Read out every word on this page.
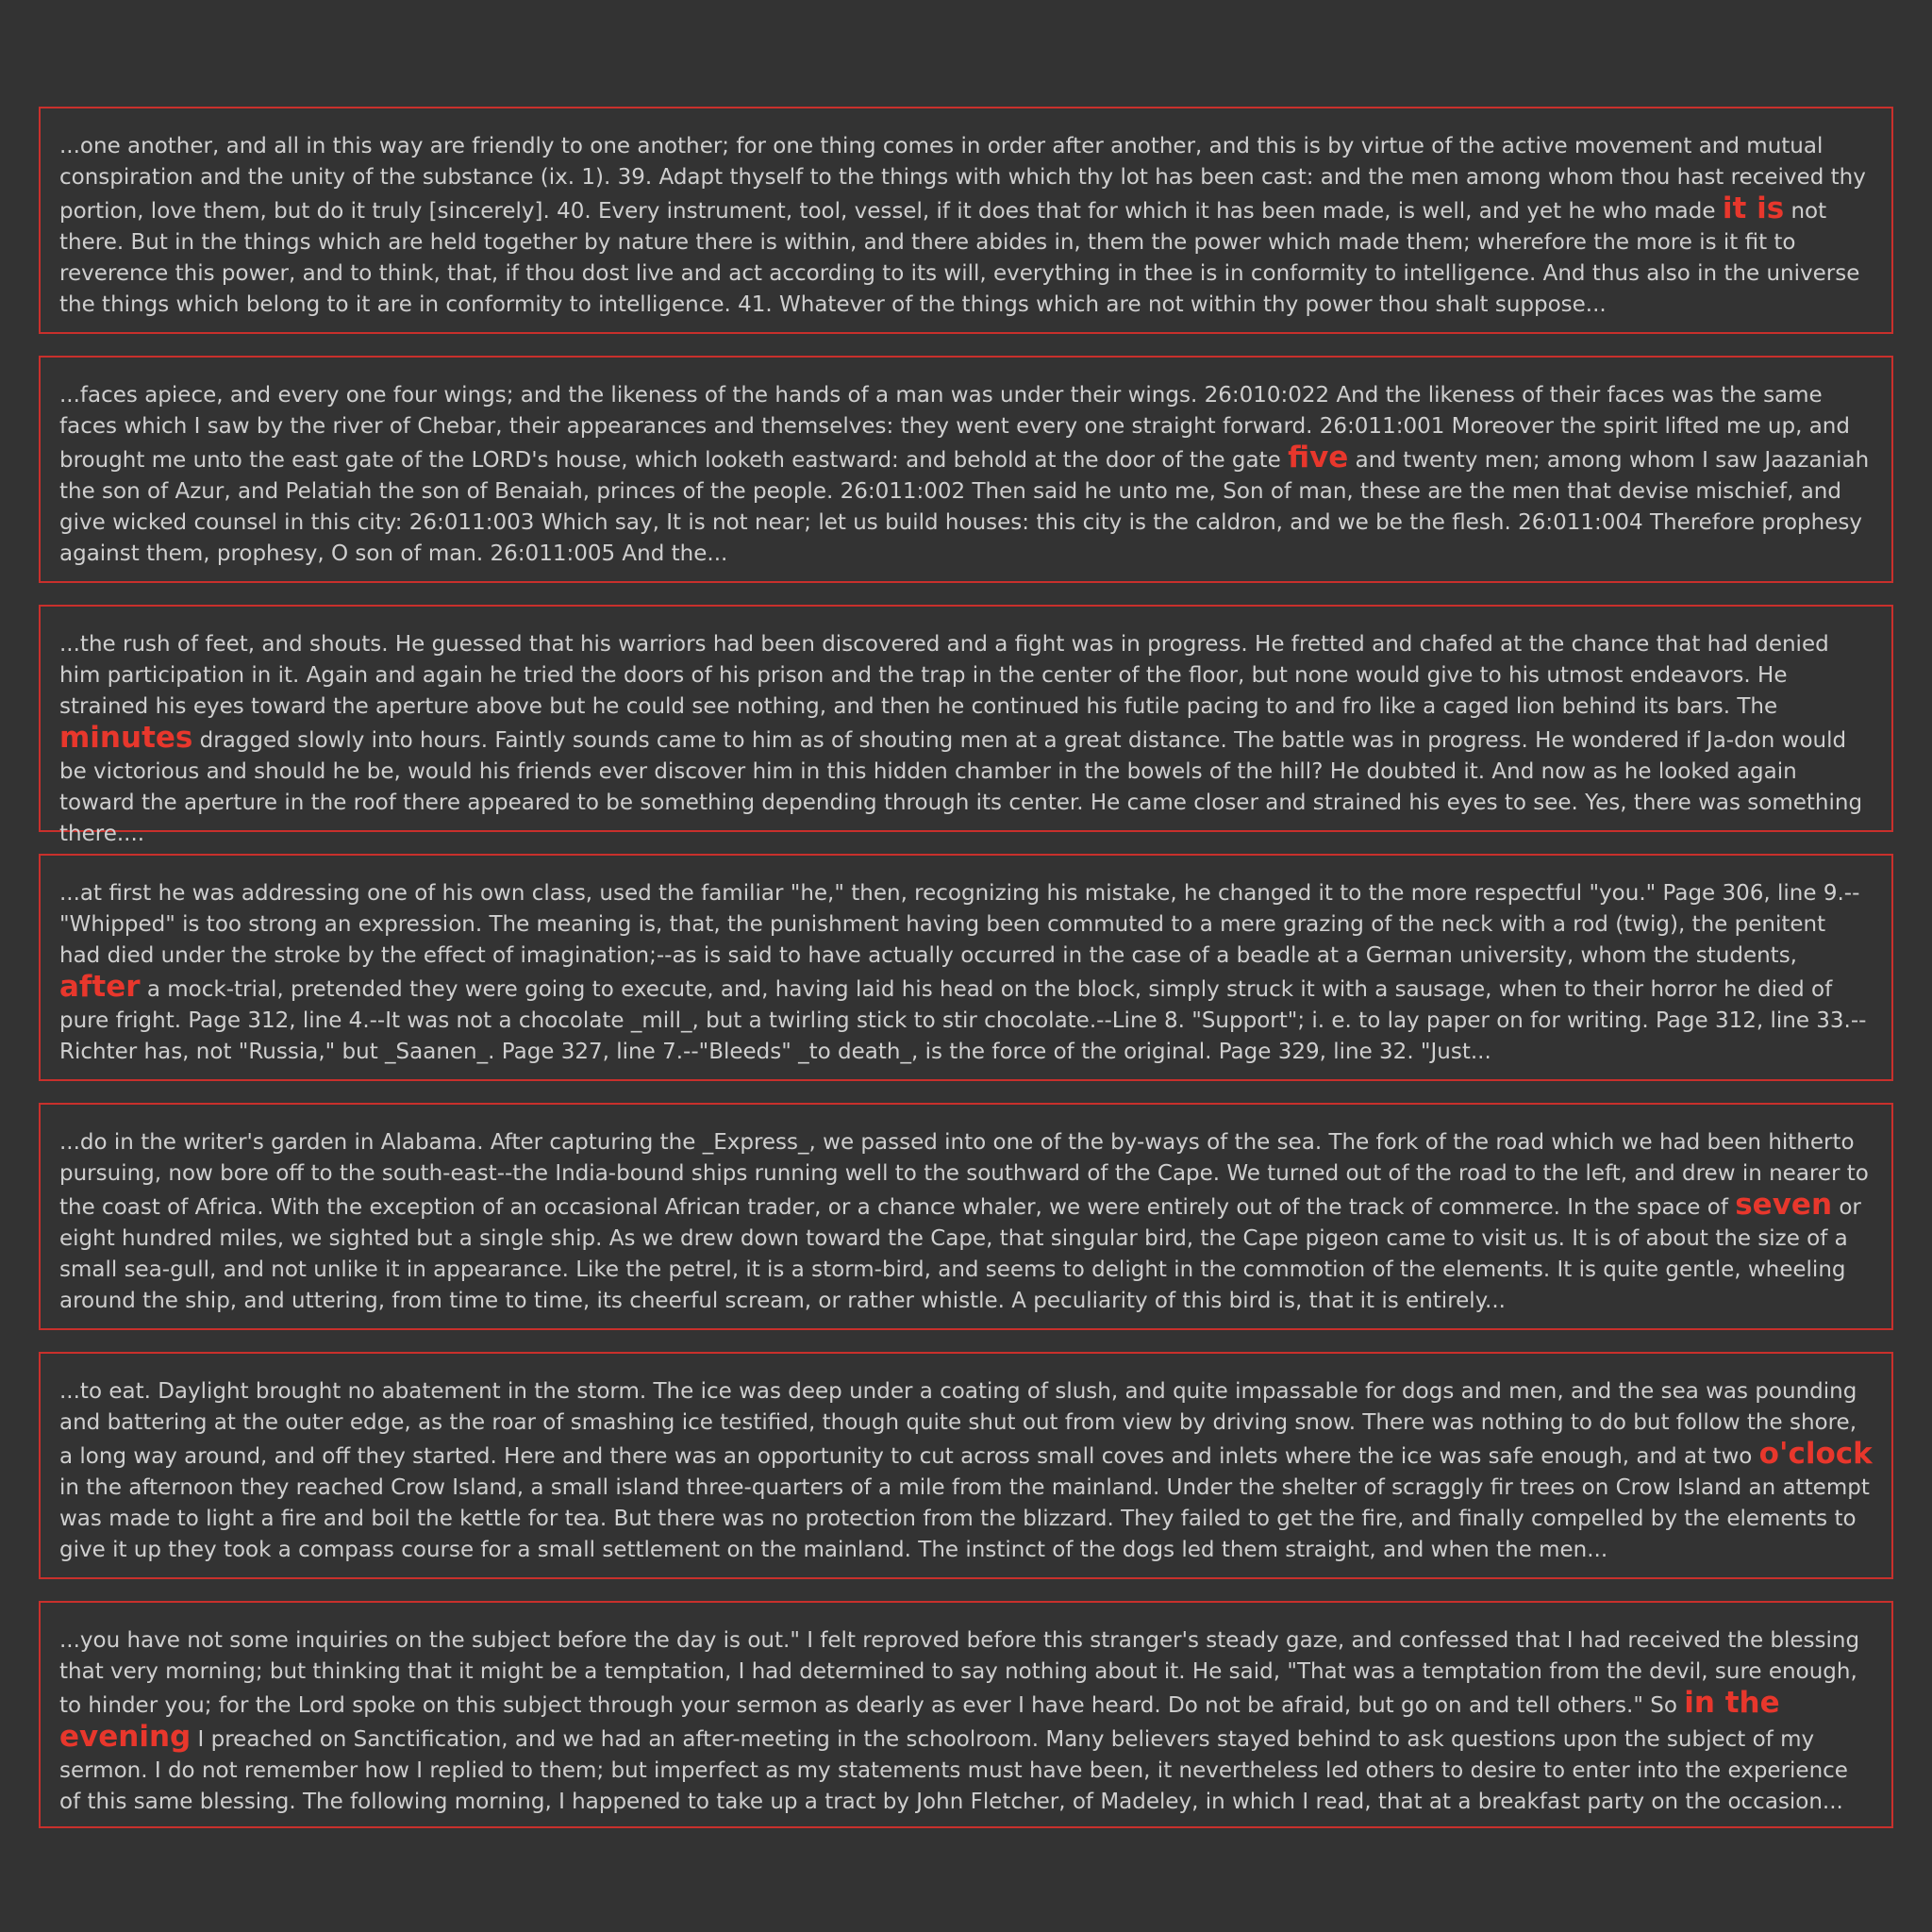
...one another, and all in this way are friendly to one another; for one thing comes in order after another, and this is by virtue of the active movement and mutual conspiration and the unity of the substance (ix. 1). 39. Adapt thyself to the things with which thy lot has been cast: and the men among whom thou hast received thy portion, love them, but do it truly [sincerely]. 40. Every instrument, tool, vessel, if it does that for which it has been made, is well, and yet he who made it is not there. But in the things which are held together by nature there is within, and there abides in, them the power which made them; wherefore the more is it fit to reverence this power, and to think, that, if thou dost live and act according to its will, everything in thee is in conformity to intelligence. And thus also in the universe the things which belong to it are in conformity to intelligence. 41. Whatever of the things which are not within thy power thou shalt suppose...
...faces apiece, and every one four wings; and the likeness of the hands of a man was under their wings. 26:010:022 And the likeness of their faces was the same faces which I saw by the river of Chebar, their appearances and themselves: they went every one straight forward. 26:011:001 Moreover the spirit lifted me up, and brought me unto the east gate of the LORD's house, which looketh eastward: and behold at the door of the gate five and twenty men; among whom I saw Jaazaniah the son of Azur, and Pelatiah the son of Benaiah, princes of the people. 26:011:002 Then said he unto me, Son of man, these are the men that devise mischief, and give wicked counsel in this city: 26:011:003 Which say, It is not near; let us build houses: this city is the caldron, and we be the flesh. 26:011:004 Therefore prophesy against them, prophesy, O son of man. 26:011:005 And the...
...the rush of feet, and shouts. He guessed that his warriors had been discovered and a fight was in progress. He fretted and chafed at the chance that had denied him participation in it. Again and again he tried the doors of his prison and the trap in the center of the floor, but none would give to his utmost endeavors. He strained his eyes toward the aperture above but he could see nothing, and then he continued his futile pacing to and fro like a caged lion behind its bars. The minutes dragged slowly into hours. Faintly sounds came to him as of shouting men at a great distance. The battle was in progress. He wondered if Ja-don would be victorious and should he be, would his friends ever discover him in this hidden chamber in the bowels of the hill? He doubted it. And now as he looked again toward the aperture in the roof there appeared to be something depending through its center. He came closer and strained his eyes to see. Yes, there was something there....
...at first he was addressing one of his own class, used the familiar "he," then, recognizing his mistake, he changed it to the more respectful "you." Page 306, line 9.--"Whipped" is too strong an expression. The meaning is, that, the punishment having been commuted to a mere grazing of the neck with a rod (twig), the penitent had died under the stroke by the effect of imagination;--as is said to have actually occurred in the case of a beadle at a German university, whom the students, after a mock-trial, pretended they were going to execute, and, having laid his head on the block, simply struck it with a sausage, when to their horror he died of pure fright. Page 312, line 4.--It was not a chocolate _mill_, but a twirling stick to stir chocolate.--Line 8. "Support"; i. e. to lay paper on for writing. Page 312, line 33.--Richter has, not "Russia," but _Saanen_. Page 327, line 7.--"Bleeds" _to death_, is the force of the original. Page 329, line 32. "Just...
...do in the writer's garden in Alabama. After capturing the _Express_, we passed into one of the by-ways of the sea. The fork of the road which we had been hitherto pursuing, now bore off to the south-east--the India-bound ships running well to the southward of the Cape. We turned out of the road to the left, and drew in nearer to the coast of Africa. With the exception of an occasional African trader, or a chance whaler, we were entirely out of the track of commerce. In the space of seven or eight hundred miles, we sighted but a single ship. As we drew down toward the Cape, that singular bird, the Cape pigeon came to visit us. It is of about the size of a small sea-gull, and not unlike it in appearance. Like the petrel, it is a storm-bird, and seems to delight in the commotion of the elements. It is quite gentle, wheeling around the ship, and uttering, from time to time, its cheerful scream, or rather whistle. A peculiarity of this bird is, that it is entirely...
...to eat. Daylight brought no abatement in the storm. The ice was deep under a coating of slush, and quite impassable for dogs and men, and the sea was pounding and battering at the outer edge, as the roar of smashing ice testified, though quite shut out from view by driving snow. There was nothing to do but follow the shore, a long way around, and off they started. Here and there was an opportunity to cut across small coves and inlets where the ice was safe enough, and at two o'clock in the afternoon they reached Crow Island, a small island three-quarters of a mile from the mainland. Under the shelter of scraggly fir trees on Crow Island an attempt was made to light a fire and boil the kettle for tea. But there was no protection from the blizzard. They failed to get the fire, and finally compelled by the elements to give it up they took a compass course for a small settlement on the mainland. The instinct of the dogs led them straight, and when the men...
...you have not some inquiries on the subject before the day is out." I felt reproved before this stranger's steady gaze, and confessed that I had received the blessing that very morning; but thinking that it might be a temptation, I had determined to say nothing about it. He said, "That was a temptation from the devil, sure enough, to hinder you; for the Lord spoke on this subject through your sermon as dearly as ever I have heard. Do not be afraid, but go on and tell others." So in the evening I preached on Sanctification, and we had an after-meeting in the schoolroom. Many believers stayed behind to ask questions upon the subject of my sermon. I do not remember how I replied to them; but imperfect as my statements must have been, it nevertheless led others to desire to enter into the experience of this same blessing. The following morning, I happened to take up a tract by John Fletcher, of Madeley, in which I read, that at a breakfast party on the occasion...
